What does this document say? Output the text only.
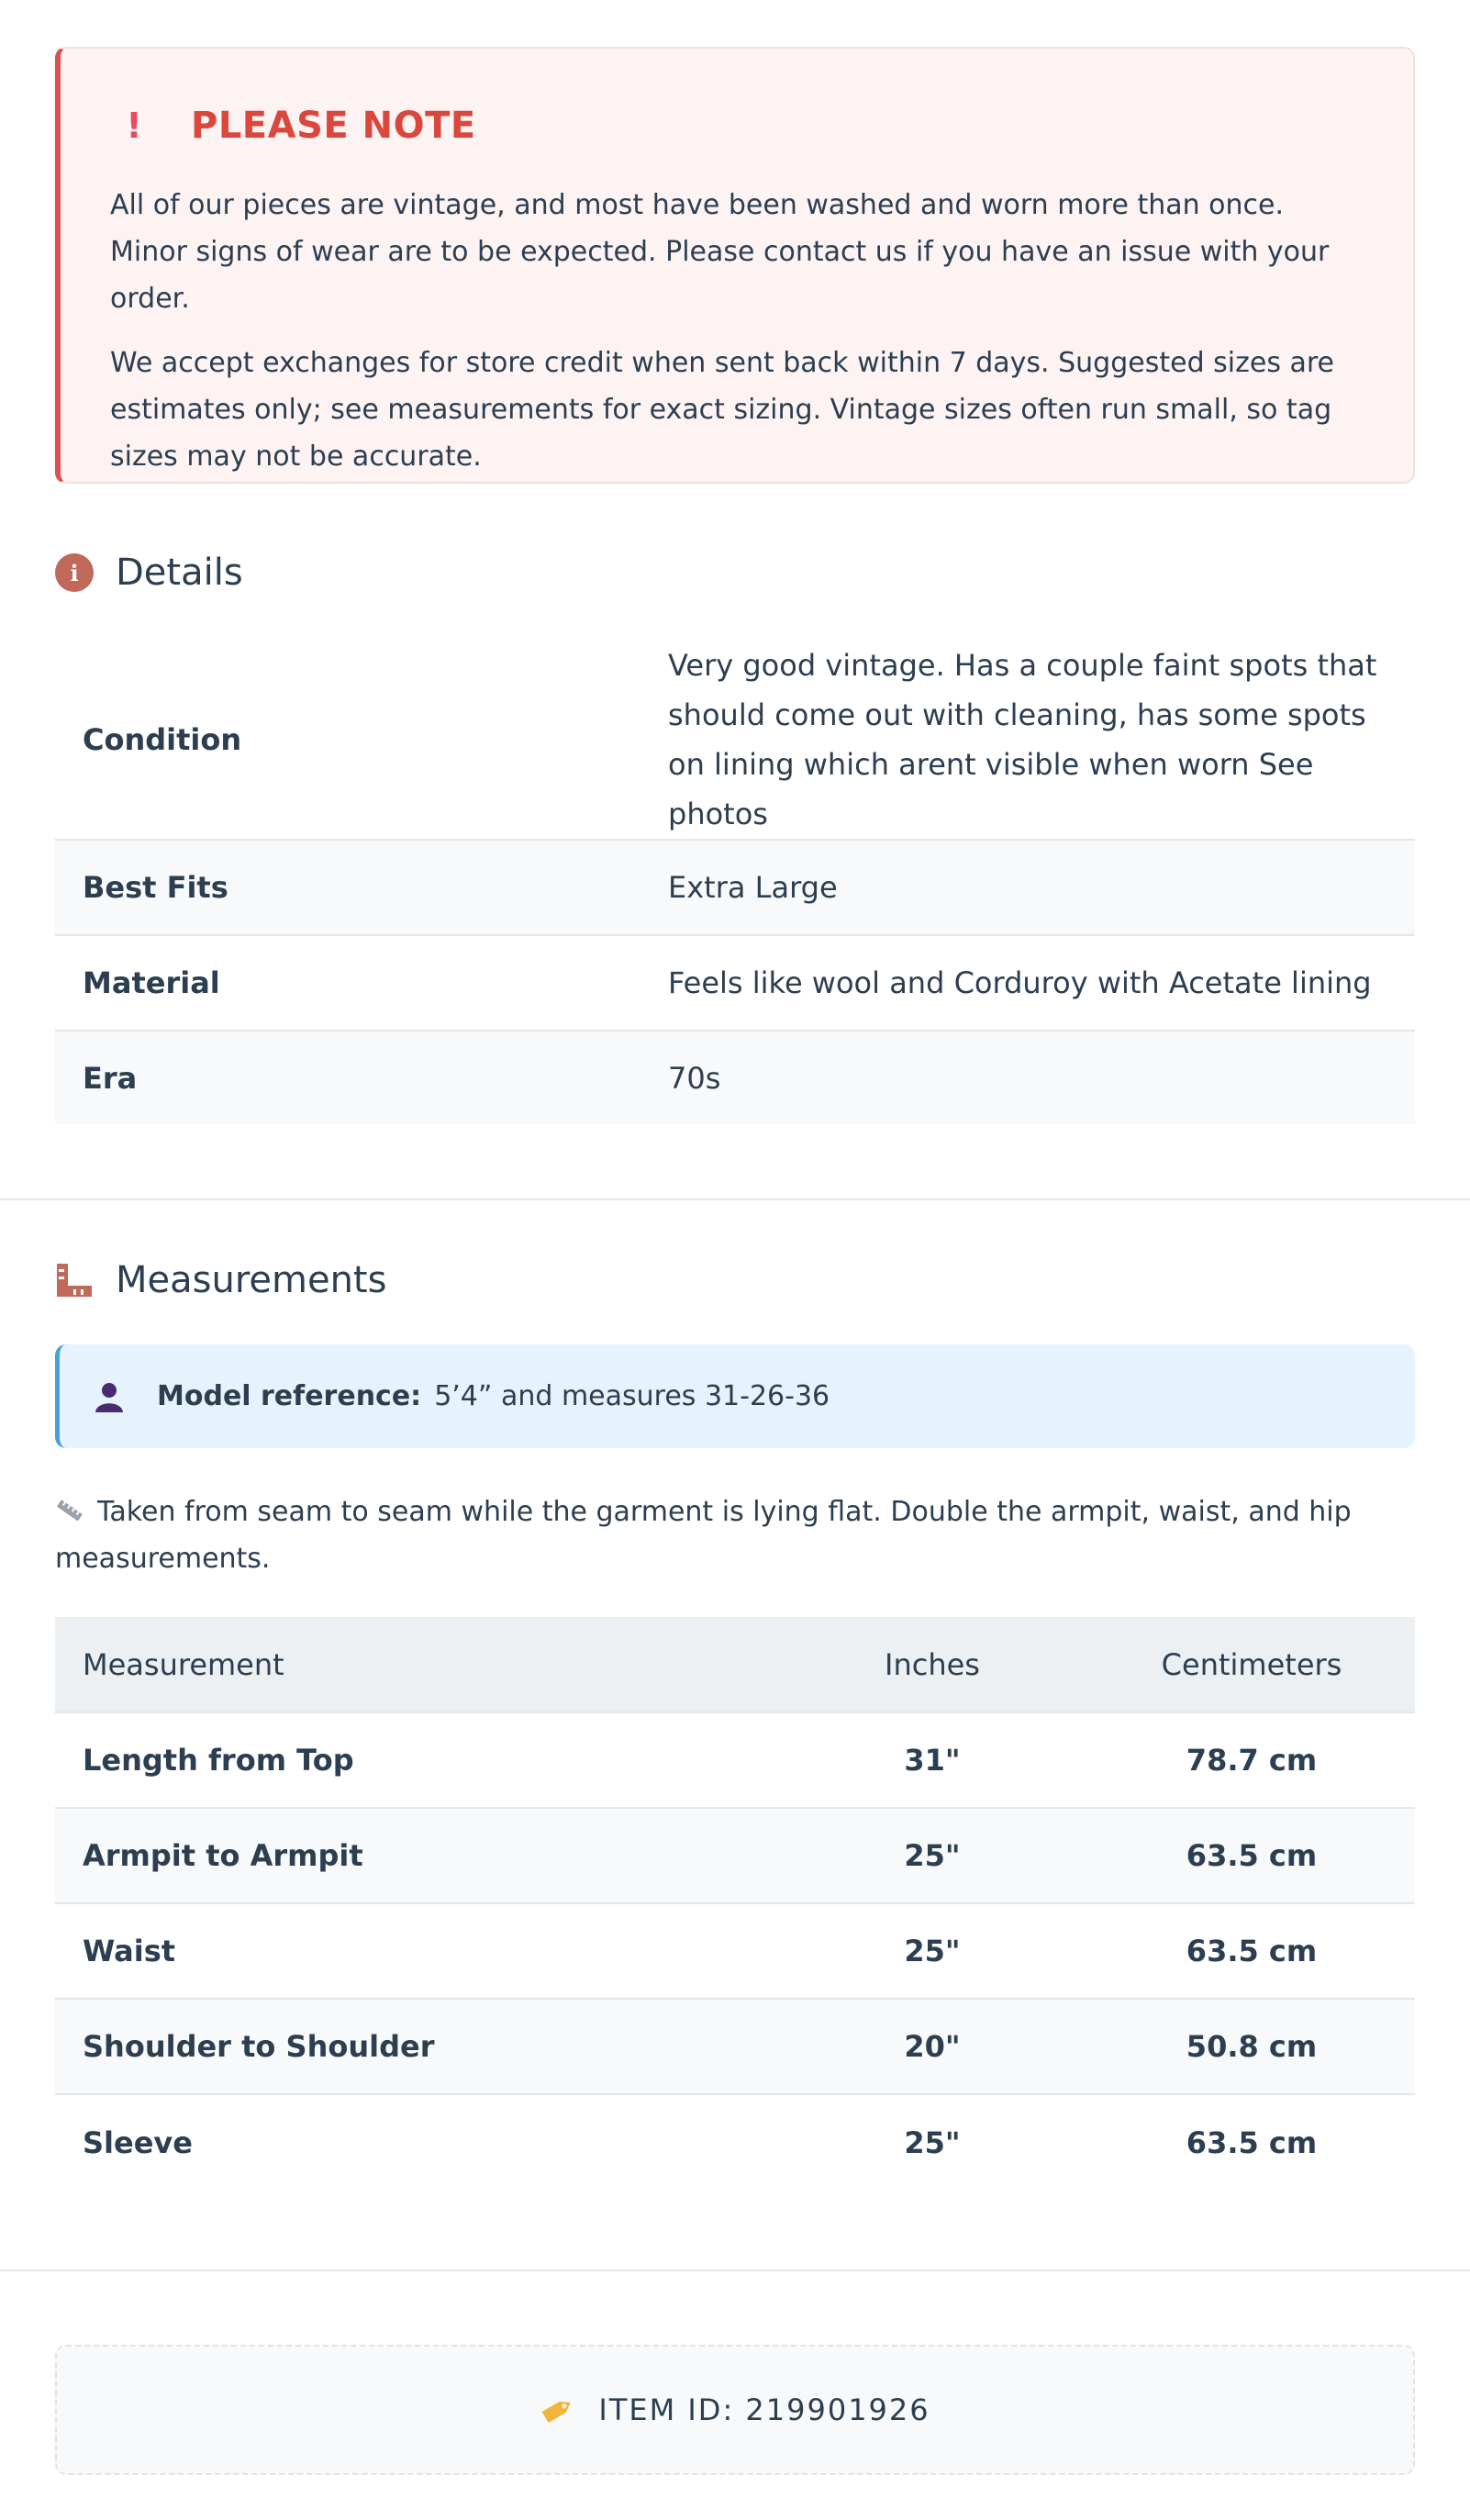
! PLEASE NOTE

All of our pieces are vintage, and most have been washed and worn more than once. Minor signs of wear are to be expected. Please contact us if you have an issue with your order.

We accept exchanges for store credit when sent back within 7 days. Suggested sizes are estimates only; see measurements for exact sizing. Vintage sizes often run small, so tag sizes may not be accurate.

i	Details
Condition	Very good vintage. Has a couple faint spots that should come out with cleaning, has some spots on lining which arent visible when worn See photos
Best Fits	Extra Large
Material	Feels like wool and Corduroy with Acetate lining
Era	70s
Measurements
Model reference: 5’4” and measures 31-26-36
Taken from seam to seam while the garment is lying flat. Double the armpit, waist, and hip measurements.
Measurement	Inches	Centimeters
Length from Top	31"	78.7 cm
Armpit to Armpit	25"	63.5 cm
Waist	25"	63.5 cm
Shoulder to Shoulder	20"	50.8 cm
Sleeve	25"	63.5 cm
ITEM ID: 219901926
